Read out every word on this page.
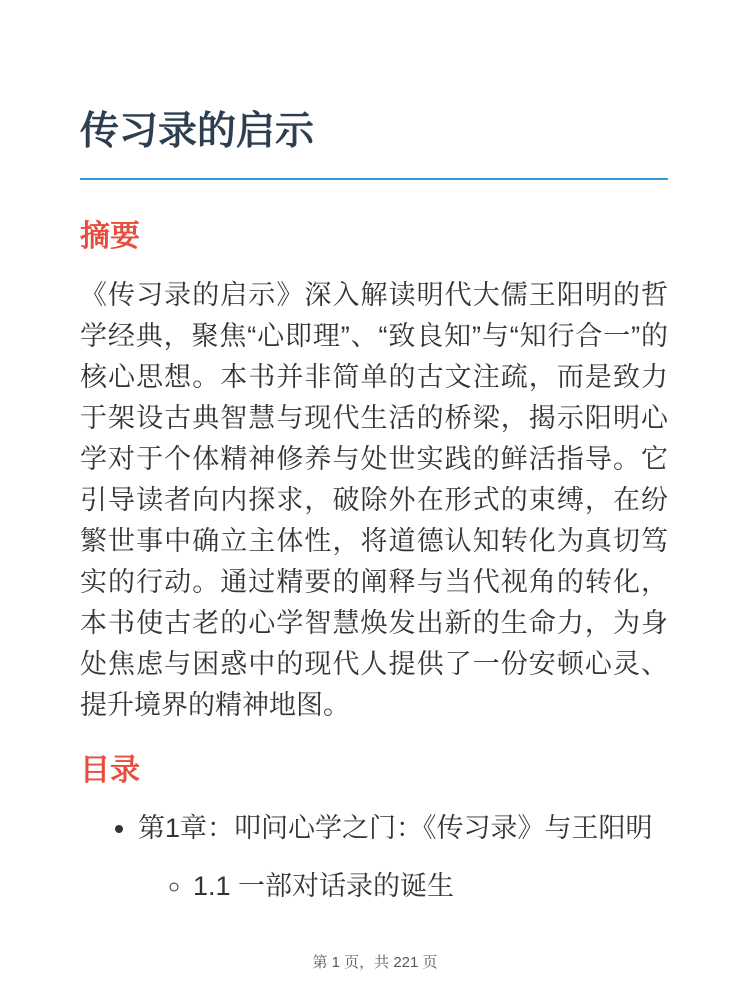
传习录的启示
摘要

《传习录的启示》深入解读明代大儒王阳明的哲学经典，聚焦“心即理”、“致良知”与“知行合一”的核心思想。本书并非简单的古文注疏，而是致力于架设古典智慧与现代生活的桥梁，揭示阳明心学对于个体精神修养与处世实践的鲜活指导。它引导读者向内探求，破除外在形式的束缚，在纷繁世事中确立主体性，将道德认知转化为真切笃实的行动。通过精要的阐释与当代视角的转化，本书使古老的心学智慧焕发出新的生命力，为身处焦虑与困惑中的现代人提供了一份安顿心灵、提升境界的精神地图。

目录
• 第1章：叩问心学之门：《传习录》与王阳明
◦ 1.1 一部对话录的诞生
第 1 页，共 221 页
